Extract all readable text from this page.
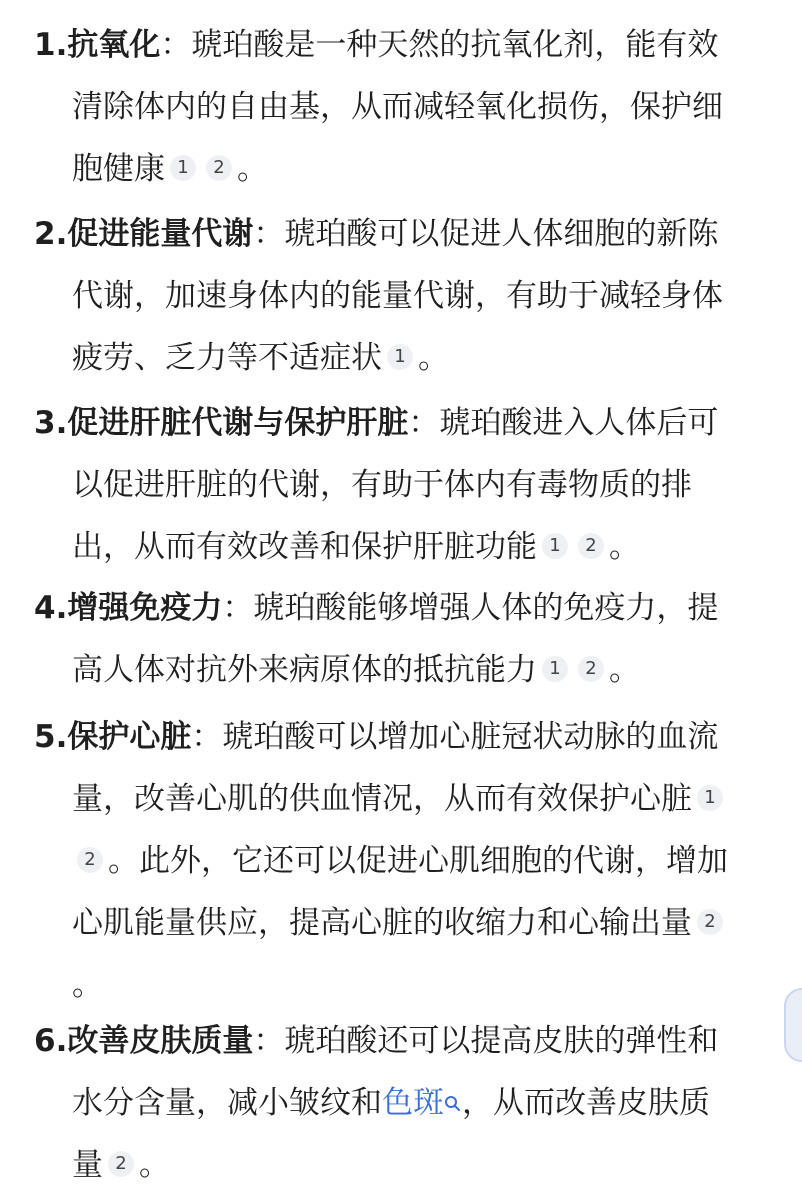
1.抗氧化：琥珀酸是一种天然的抗氧化剂，能有效
清除体内的自由基，从而减轻氧化损伤，保护细
胞健康 1 2 。
2.促进能量代谢：琥珀酸可以促进人体细胞的新陈
代谢，加速身体内的能量代谢，有助于减轻身体
疲劳、乏力等不适症状 1 。
3.促进肝脏代谢与保护肝脏：琥珀酸进入人体后可
以促进肝脏的代谢，有助于体内有毒物质的排
出，从而有效改善和保护肝脏功能 1 2 。
4.增强免疫力：琥珀酸能够增强人体的免疫力，提
高人体对抗外来病原体的抵抗能力 1 2 。
5.保护心脏：琥珀酸可以增加心脏冠状动脉的血流
量，改善心肌的供血情况，从而有效保护心脏 1
2 。此外，它还可以促进心肌细胞的代谢，增加
心肌能量供应，提高心脏的收缩力和心输出量 2
。
6.改善皮肤质量：琥珀酸还可以提高皮肤的弹性和
水分含量，减小皱纹和色斑 ，从而改善皮肤质
量 2 。
